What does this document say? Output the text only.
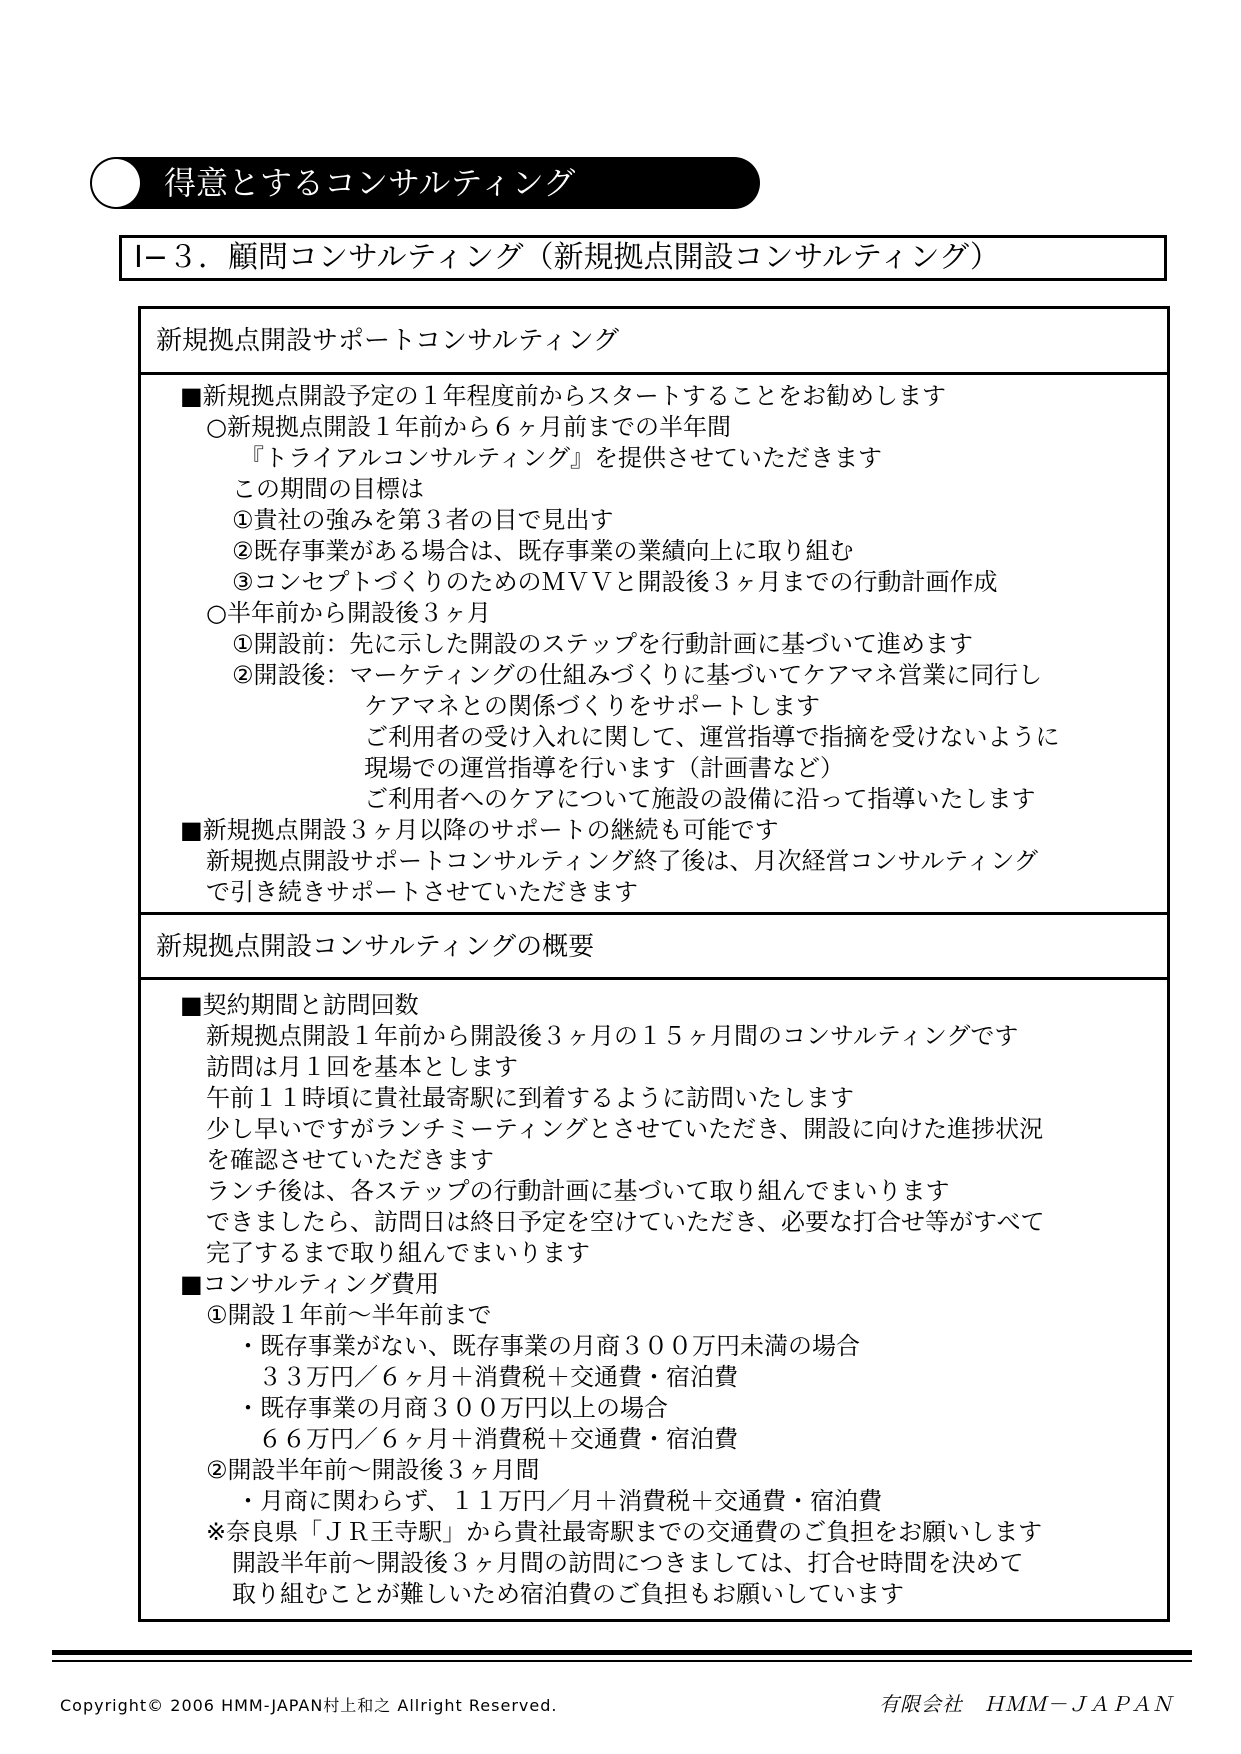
得意とするコンサルティング
Ⅰ−３．顧問コンサルティング（新規拠点開設コンサルティング）
新規拠点開設サポートコンサルティング
新規拠点開設コンサルティングの概要
■新規拠点開設予定の１年程度前からスタートすることをお勧めします
○新規拠点開設１年前から６ヶ月前までの半年間
『トライアルコンサルティング』を提供させていただきます
この期間の目標は
①貴社の強みを第３者の目で見出す
②既存事業がある場合は、既存事業の業績向上に取り組む
③コンセプトづくりのためのＭＶＶと開設後３ヶ月までの行動計画作成
○半年前から開設後３ヶ月
①開設前：先に示した開設のステップを行動計画に基づいて進めます
②開設後：マーケティングの仕組みづくりに基づいてケアマネ営業に同行し
ケアマネとの関係づくりをサポートします
ご利用者の受け入れに関して、運営指導で指摘を受けないように
現場での運営指導を行います（計画書など）
ご利用者へのケアについて施設の設備に沿って指導いたします
■新規拠点開設３ヶ月以降のサポートの継続も可能です
新規拠点開設サポートコンサルティング終了後は、月次経営コンサルティング
で引き続きサポートさせていただきます
■契約期間と訪問回数
新規拠点開設１年前から開設後３ヶ月の１５ヶ月間のコンサルティングです
訪問は月１回を基本とします
午前１１時頃に貴社最寄駅に到着するように訪問いたします
少し早いですがランチミーティングとさせていただき、開設に向けた進捗状況
を確認させていただきます
ランチ後は、各ステップの行動計画に基づいて取り組んでまいります
できましたら、訪問日は終日予定を空けていただき、必要な打合せ等がすべて
完了するまで取り組んでまいります
■コンサルティング費用
①開設１年前～半年前まで
・既存事業がない、既存事業の月商３００万円未満の場合
３３万円／６ヶ月＋消費税＋交通費・宿泊費
・既存事業の月商３００万円以上の場合
６６万円／６ヶ月＋消費税＋交通費・宿泊費
②開設半年前～開設後３ヶ月間
・月商に関わらず、１１万円／月＋消費税＋交通費・宿泊費
※奈良県「ＪＲ王寺駅」から貴社最寄駅までの交通費のご負担をお願いします
開設半年前～開設後３ヶ月間の訪問につきましては、打合せ時間を決めて
取り組むことが難しいため宿泊費のご負担もお願いしています
Copyright© 2006 HMM-JAPAN村上和之 Allright Reserved.	有限会社　ＨＭＭ－ＪＡＰＡＮ
